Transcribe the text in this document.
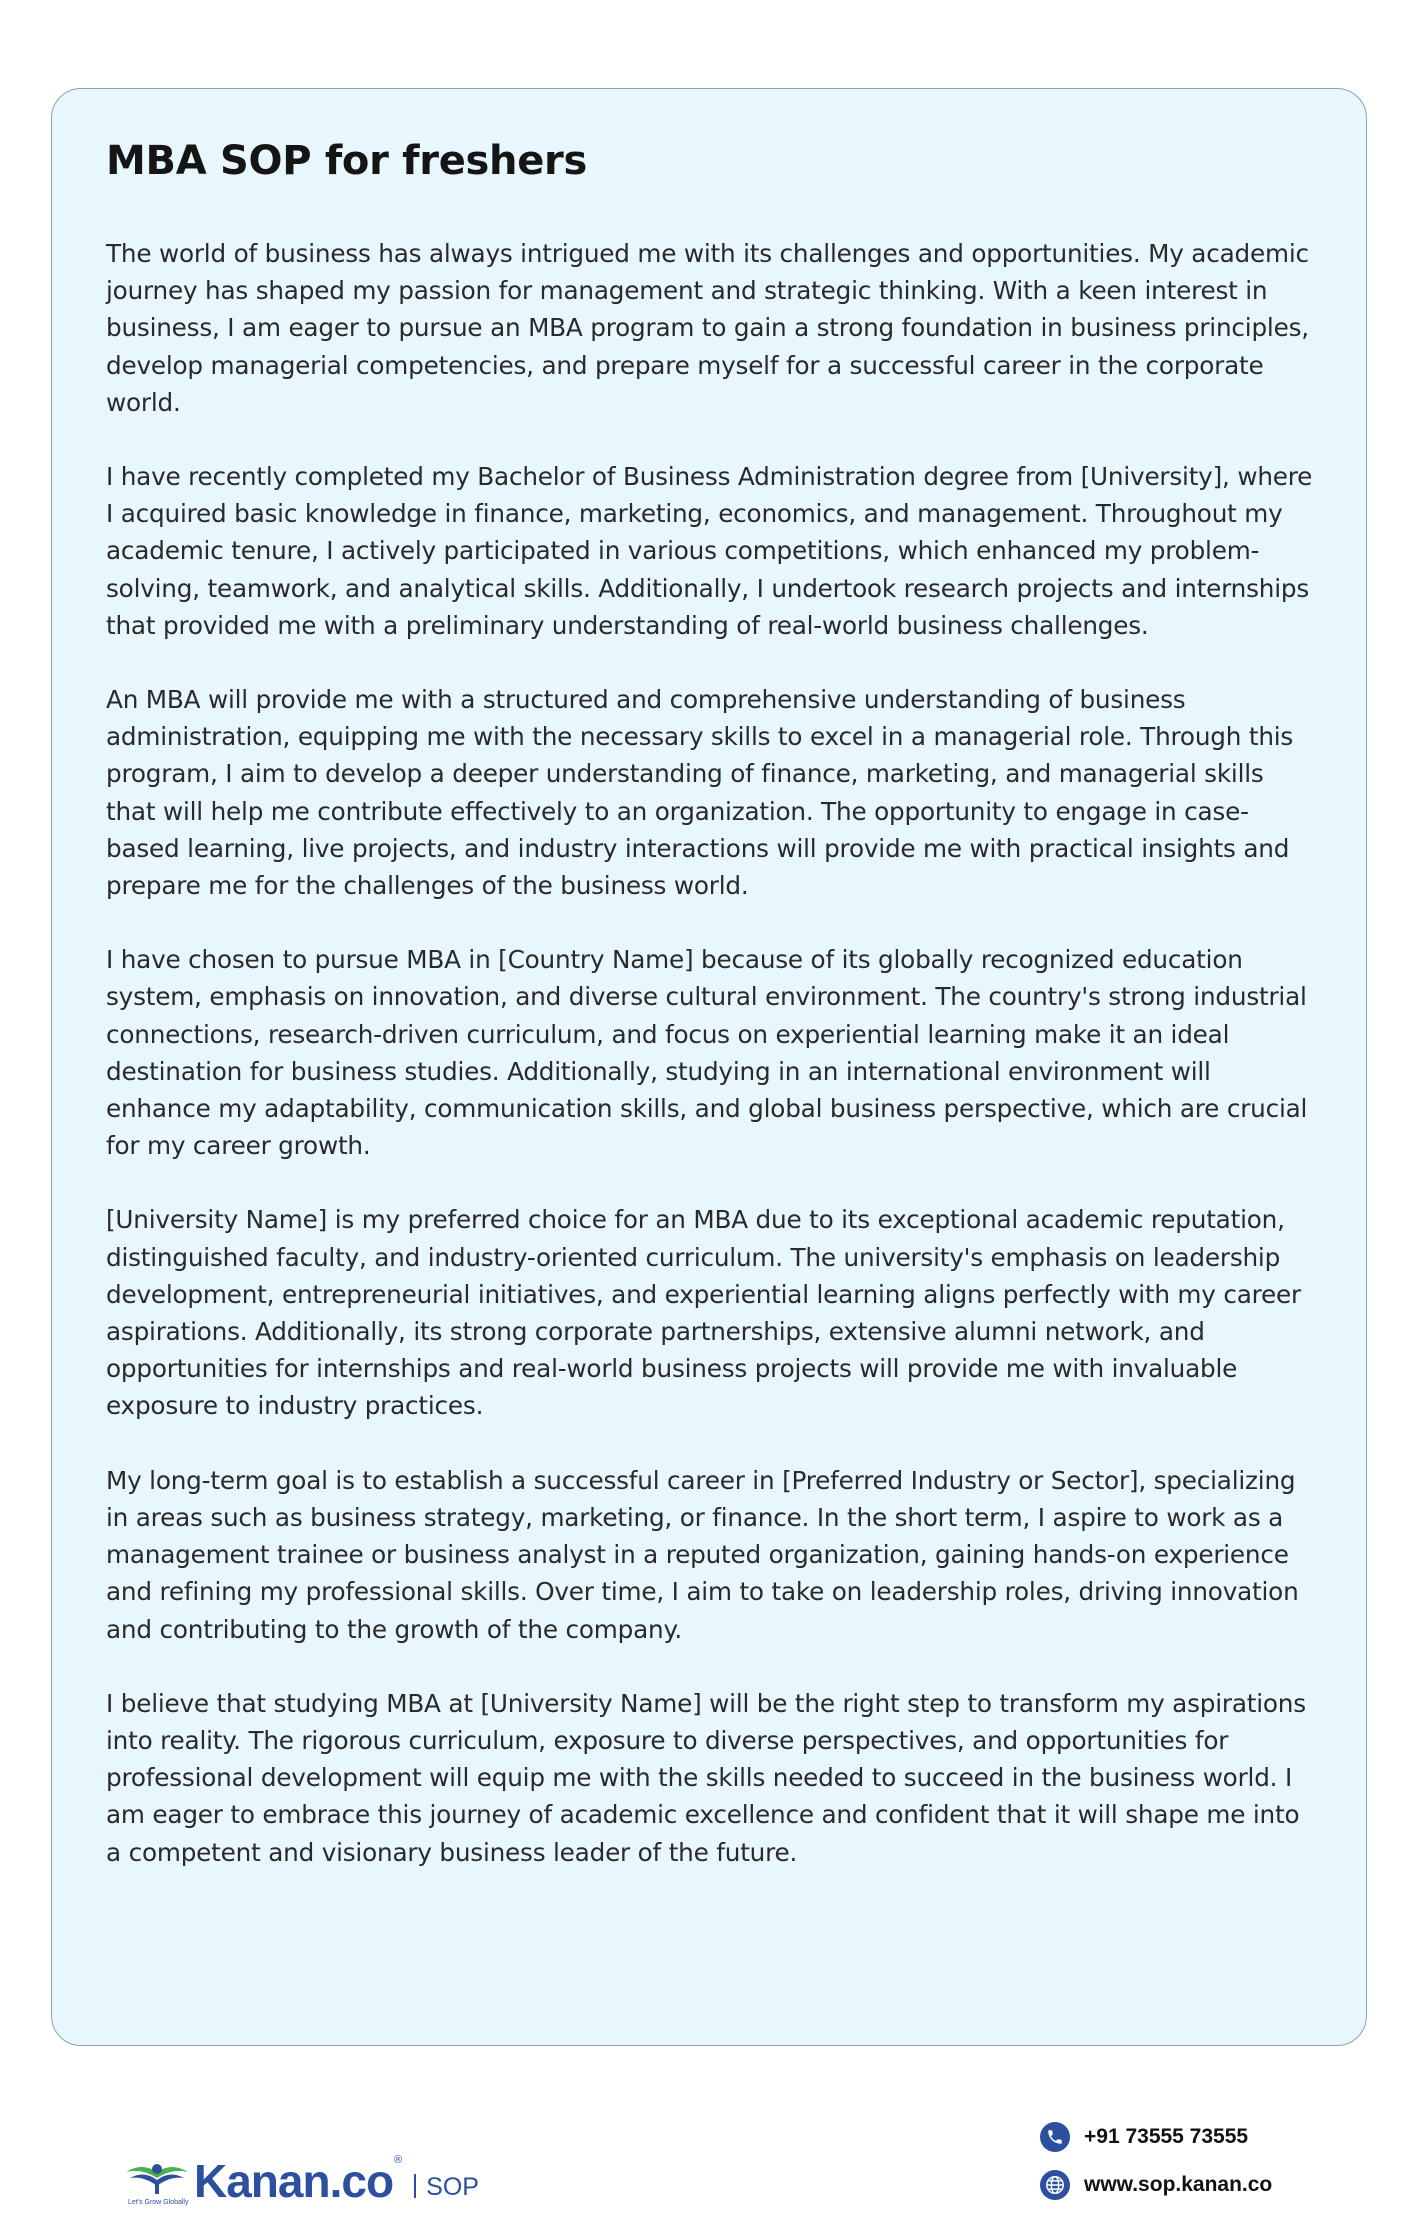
MBA SOP for freshers

The world of business has always intrigued me with its challenges and opportunities. My academic journey has shaped my passion for management and strategic thinking. With a keen interest in business, I am eager to pursue an MBA program to gain a strong foundation in business principles, develop managerial competencies, and prepare myself for a successful career in the corporate world.

I have recently completed my Bachelor of Business Administration degree from [University], where I acquired basic knowledge in finance, marketing, economics, and management. Throughout my academic tenure, I actively participated in various competitions, which enhanced my problem-solving, teamwork, and analytical skills. Additionally, I undertook research projects and internships that provided me with a preliminary understanding of real-world business challenges.

An MBA will provide me with a structured and comprehensive understanding of business administration, equipping me with the necessary skills to excel in a managerial role. Through this program, I aim to develop a deeper understanding of finance, marketing, and managerial skills that will help me contribute effectively to an organization. The opportunity to engage in case-based learning, live projects, and industry interactions will provide me with practical insights and prepare me for the challenges of the business world.

I have chosen to pursue MBA in [Country Name] because of its globally recognized education system, emphasis on innovation, and diverse cultural environment. The country's strong industrial connections, research-driven curriculum, and focus on experiential learning make it an ideal destination for business studies. Additionally, studying in an international environment will enhance my adaptability, communication skills, and global business perspective, which are crucial for my career growth.

[University Name] is my preferred choice for an MBA due to its exceptional academic reputation, distinguished faculty, and industry-oriented curriculum. The university's emphasis on leadership development, entrepreneurial initiatives, and experiential learning aligns perfectly with my career aspirations. Additionally, its strong corporate partnerships, extensive alumni network, and opportunities for internships and real-world business projects will provide me with invaluable exposure to industry practices.

My long-term goal is to establish a successful career in [Preferred Industry or Sector], specializing in areas such as business strategy, marketing, or finance. In the short term, I aspire to work as a management trainee or business analyst in a reputed organization, gaining hands-on experience and refining my professional skills. Over time, I aim to take on leadership roles, driving innovation and contributing to the growth of the company.

I believe that studying MBA at [University Name] will be the right step to transform my aspirations into reality. The rigorous curriculum, exposure to diverse perspectives, and opportunities for professional development will equip me with the skills needed to succeed in the business world. I am eager to embrace this journey of academic excellence and confident that it will shape me into a competent and visionary business leader of the future.

Let's Grow Globally Kanan.co ®
SOP
+91 73555 73555
www.sop.kanan.co
